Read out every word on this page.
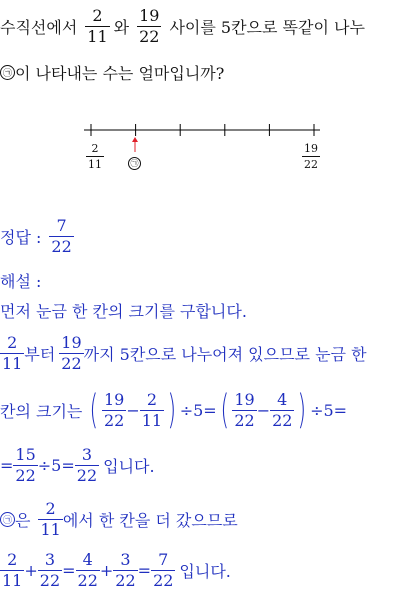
수직선에서 $\frac{2}{11}$ 와 $\frac{19}{22}$ 사이를 5칸으로 똑같이 나누
㉠ 이 나타내는 수는 얼마입니까?
2
11
19
22
㉠
정답 : $\frac{7}{22}$
해설 :
먼저 눈금 한 칸의 크기를 구합니다.
$\frac{2}{11}$ 부터 $\frac{19}{22}$ 까지 5칸으로 나누어져 있으므로 눈금 한
칸의 크기는 ( $\frac{19}{22} - \frac{2}{11}$ ) ÷5= ( $\frac{19}{22} - \frac{4}{22}$ ) ÷5=
= $\frac{15}{22} \div 5= \frac{3}{22}$ 입니다.
㉠ 은 $\frac{2}{11}$ 에서 한 칸을 더 갔으므로
$\frac{2}{11} + \frac{3}{22} = \frac{4}{22} + \frac{3}{22} = \frac{7}{22}$ 입니다.
